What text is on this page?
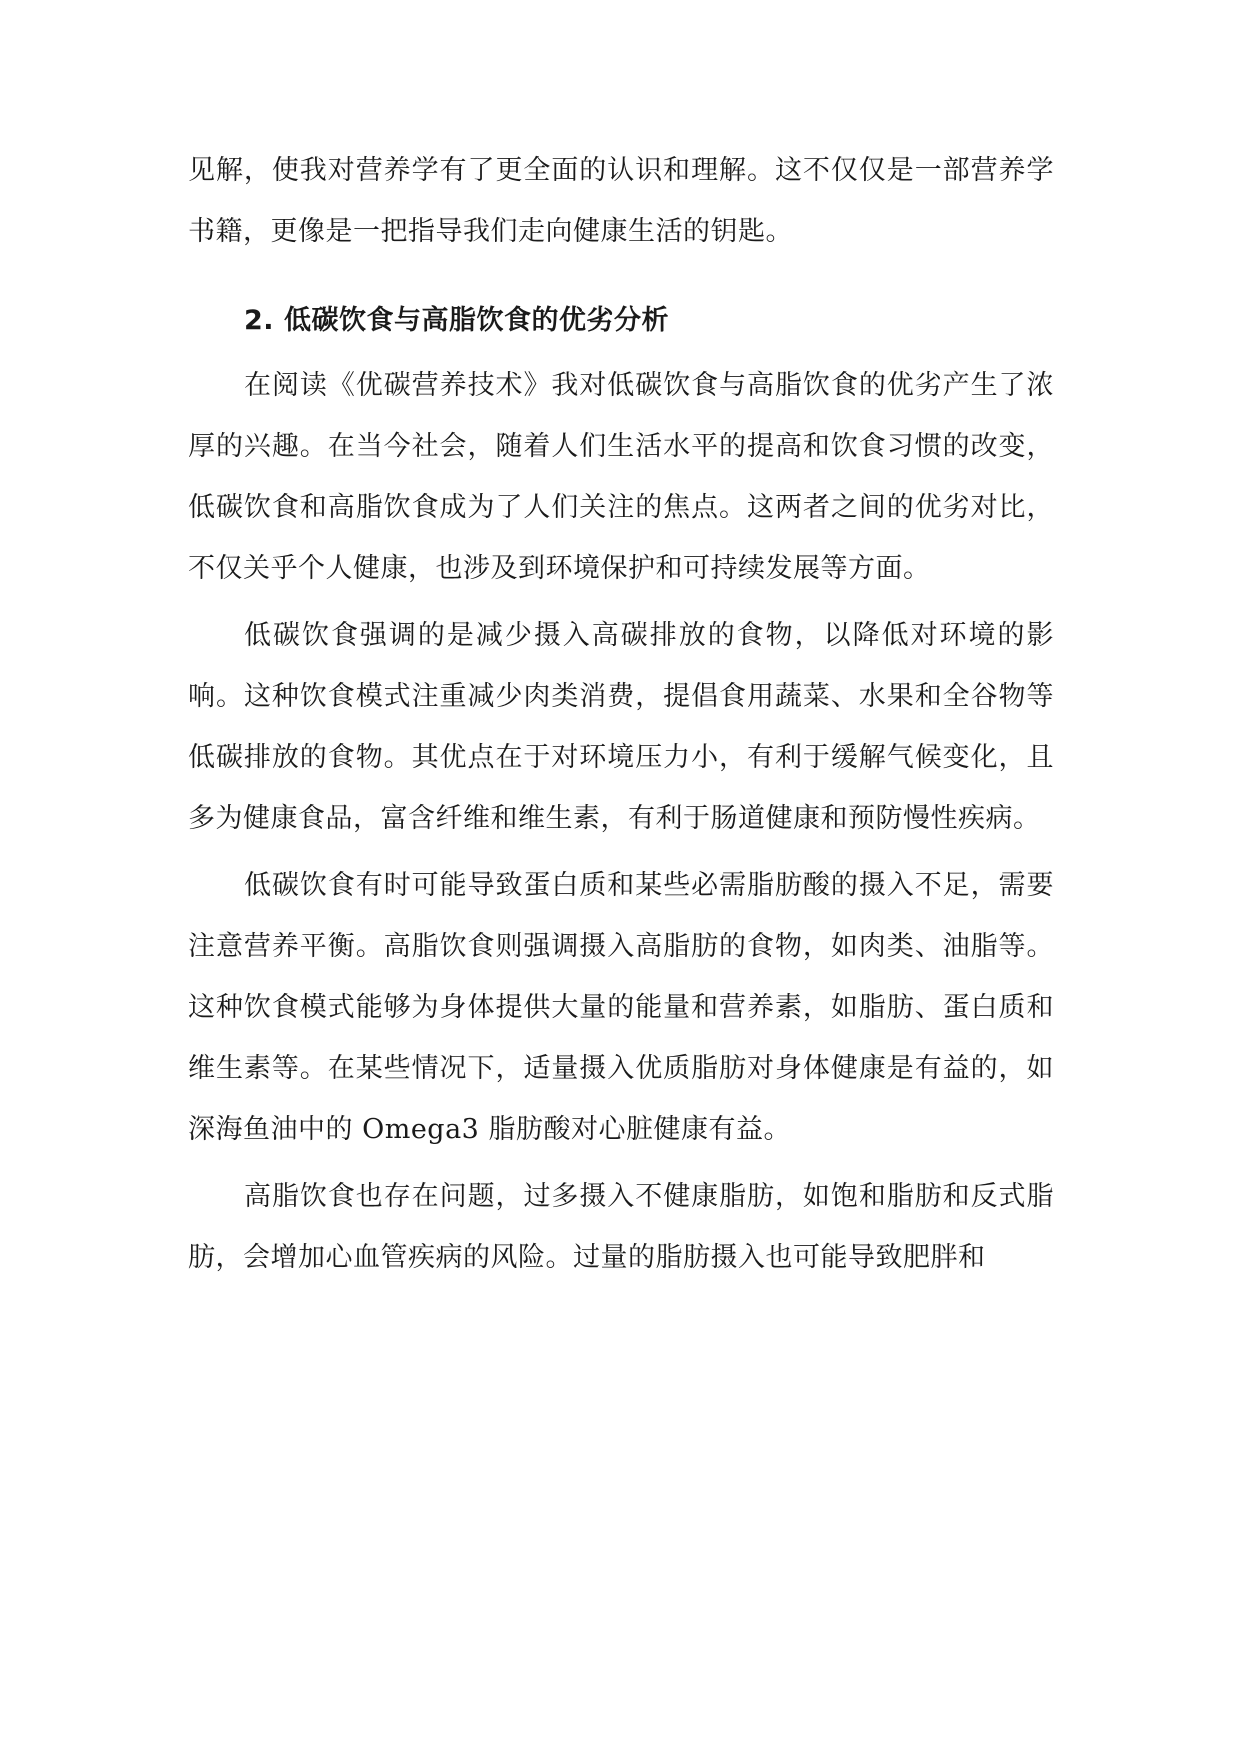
见解，使我对营养学有了更全面的认识和理解。这不仅仅是一部营养学书籍，更像是一把指导我们走向健康生活的钥匙。

2. 低碳饮食与高脂饮食的优劣分析

在阅读《优碳营养技术》我对低碳饮食与高脂饮食的优劣产生了浓厚的兴趣。在当今社会，随着人们生活水平的提高和饮食习惯的改变，低碳饮食和高脂饮食成为了人们关注的焦点。这两者之间的优劣对比，不仅关乎个人健康，也涉及到环境保护和可持续发展等方面。

低碳饮食强调的是减少摄入高碳排放的食物，以降低对环境的影响。这种饮食模式注重减少肉类消费，提倡食用蔬菜、水果和全谷物等低碳排放的食物。其优点在于对环境压力小，有利于缓解气候变化，且多为健康食品，富含纤维和维生素，有利于肠道健康和预防慢性疾病。

低碳饮食有时可能导致蛋白质和某些必需脂肪酸的摄入不足，需要注意营养平衡。高脂饮食则强调摄入高脂肪的食物，如肉类、油脂等。这种饮食模式能够为身体提供大量的能量和营养素，如脂肪、蛋白质和维生素等。在某些情况下，适量摄入优质脂肪对身体健康是有益的，如深海鱼油中的 Omega3 脂肪酸对心脏健康有益。

高脂饮食也存在问题，过多摄入不健康脂肪，如饱和脂肪和反式脂肪，会增加心血管疾病的风险。过量的脂肪摄入也可能导致肥胖和
